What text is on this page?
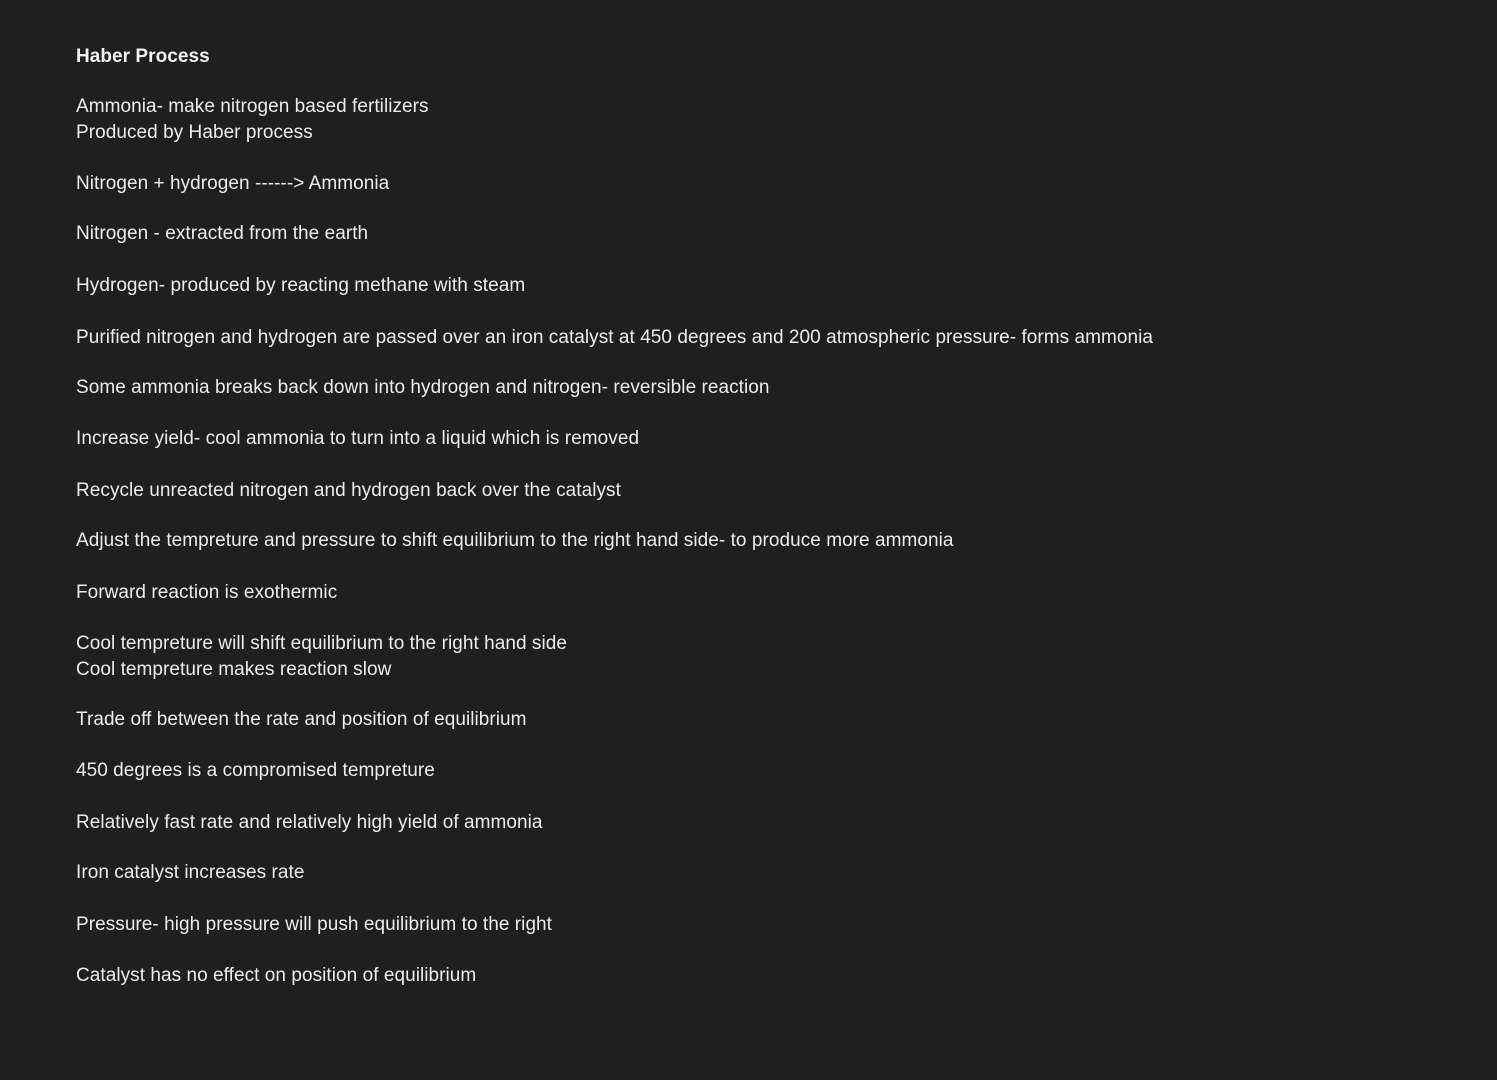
Haber Process
Ammonia- make nitrogen based fertilizers
Produced by Haber process
Nitrogen + hydrogen ------> Ammonia
Nitrogen - extracted from the earth
Hydrogen- produced by reacting methane with steam
Purified nitrogen and hydrogen are passed over an iron catalyst at 450 degrees and 200 atmospheric pressure- forms ammonia
Some ammonia breaks back down into hydrogen and nitrogen- reversible reaction
Increase yield- cool ammonia to turn into a liquid which is removed
Recycle unreacted nitrogen and hydrogen back over the catalyst
Adjust the tempreture and pressure to shift equilibrium to the right hand side- to produce more ammonia
Forward reaction is exothermic
Cool tempreture will shift equilibrium to the right hand side
Cool tempreture makes reaction slow
Trade off between the rate and position of equilibrium
450 degrees is a compromised tempreture
Relatively fast rate and relatively high yield of ammonia
Iron catalyst increases rate
Pressure- high pressure will push equilibrium to the right
Catalyst has no effect on position of equilibrium
